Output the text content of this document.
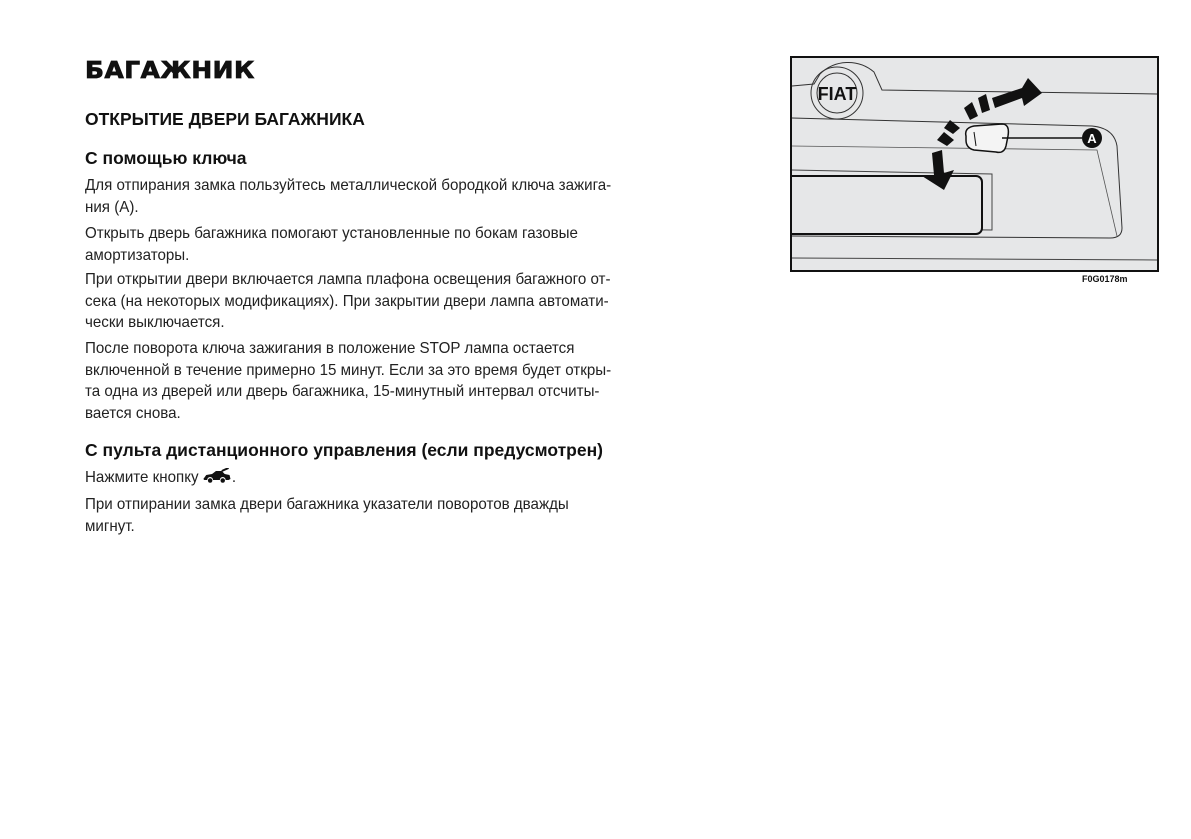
БАГАЖНИК
ОТКРЫТИЕ ДВЕРИ БАГАЖНИКА
С помощью ключа
Для отпирания замка пользуйтесь металлической бородкой ключа зажига-
ния (А).
Открыть дверь багажника помогают установленные по бокам газовые
амортизаторы.
При открытии двери включается лампа плафона освещения багажного от-
сека (на некоторых модификациях). При закрытии двери лампа автомати-
чески выключается.
После поворота ключа зажигания в положение STOP лампа остается
включенной в течение примерно 15 минут. Если за это время будет откры-
та одна из дверей или дверь багажника, 15-минутный интервал отсчиты-
вается снова.
С пульта дистанционного управления (если предусмотрен)
Нажмите кнопку .
При отпирании замка двери багажника указатели поворотов дважды
мигнут.
FIAT
A
F0G0178m
